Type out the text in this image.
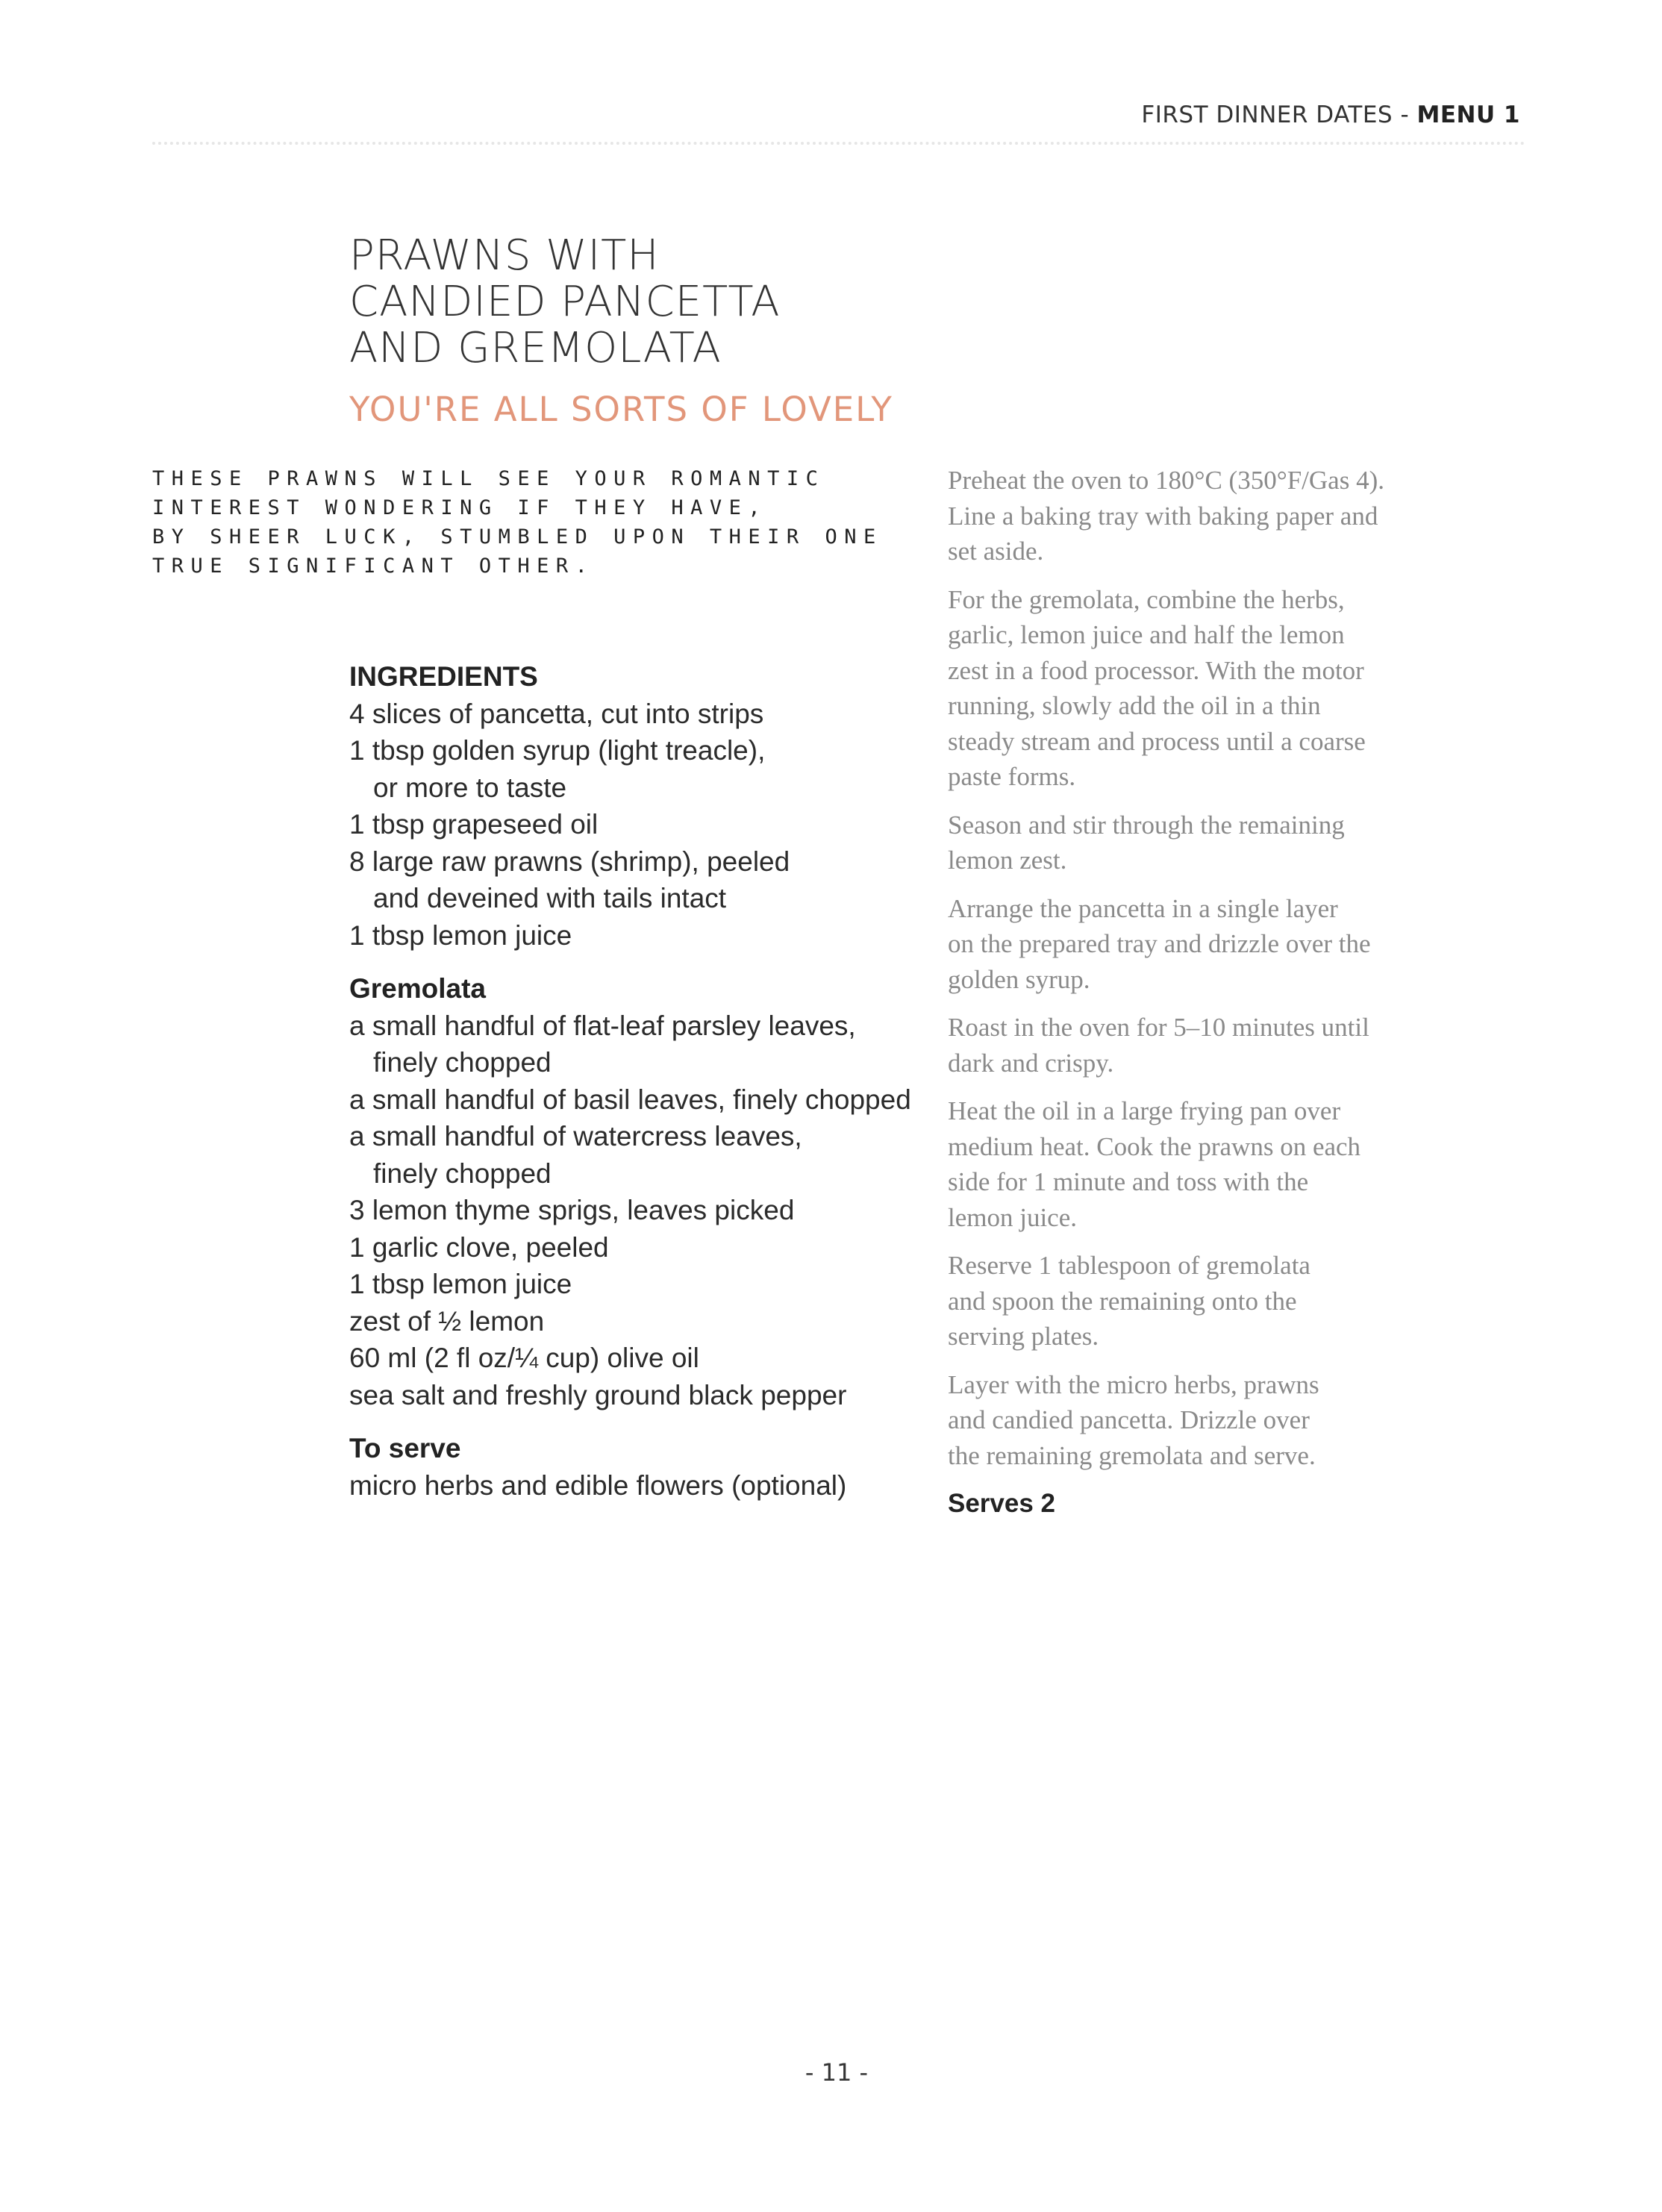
FIRST DINNER DATES - MENU 1
PRAWNS WITH
CANDIED PANCETTA
AND GREMOLATA
YOU'RE ALL SORTS OF LOVELY
THESE PRAWNS WILL SEE YOUR ROMANTIC
INTEREST WONDERING IF THEY HAVE,
BY SHEER LUCK, STUMBLED UPON THEIR ONE
TRUE SIGNIFICANT OTHER.
INGREDIENTS
4 slices of pancetta, cut into strips
1 tbsp golden syrup (light treacle),
or more to taste
1 tbsp grapeseed oil
8 large raw prawns (shrimp), peeled
and deveined with tails intact
1 tbsp lemon juice
Gremolata
a small handful of flat-leaf parsley leaves,
finely chopped
a small handful of basil leaves, finely chopped
a small handful of watercress leaves,
finely chopped
3 lemon thyme sprigs, leaves picked
1 garlic clove, peeled
1 tbsp lemon juice
zest of ½ lemon
60 ml (2 fl oz/¼ cup) olive oil
sea salt and freshly ground black pepper
To serve
micro herbs and edible flowers (optional)
Preheat the oven to 180°C (350°F/Gas 4).
Line a baking tray with baking paper and
set aside.
For the gremolata, combine the herbs,
garlic, lemon juice and half the lemon
zest in a food processor. With the motor
running, slowly add the oil in a thin
steady stream and process until a coarse
paste forms.
Season and stir through the remaining
lemon zest.
Arrange the pancetta in a single layer
on the prepared tray and drizzle over the
golden syrup.
Roast in the oven for 5–10 minutes until
dark and crispy.
Heat the oil in a large frying pan over
medium heat. Cook the prawns on each
side for 1 minute and toss with the
lemon juice.
Reserve 1 tablespoon of gremolata
and spoon the remaining onto the
serving plates.
Layer with the micro herbs, prawns
and candied pancetta. Drizzle over
the remaining gremolata and serve.
Serves 2
- 11 -
